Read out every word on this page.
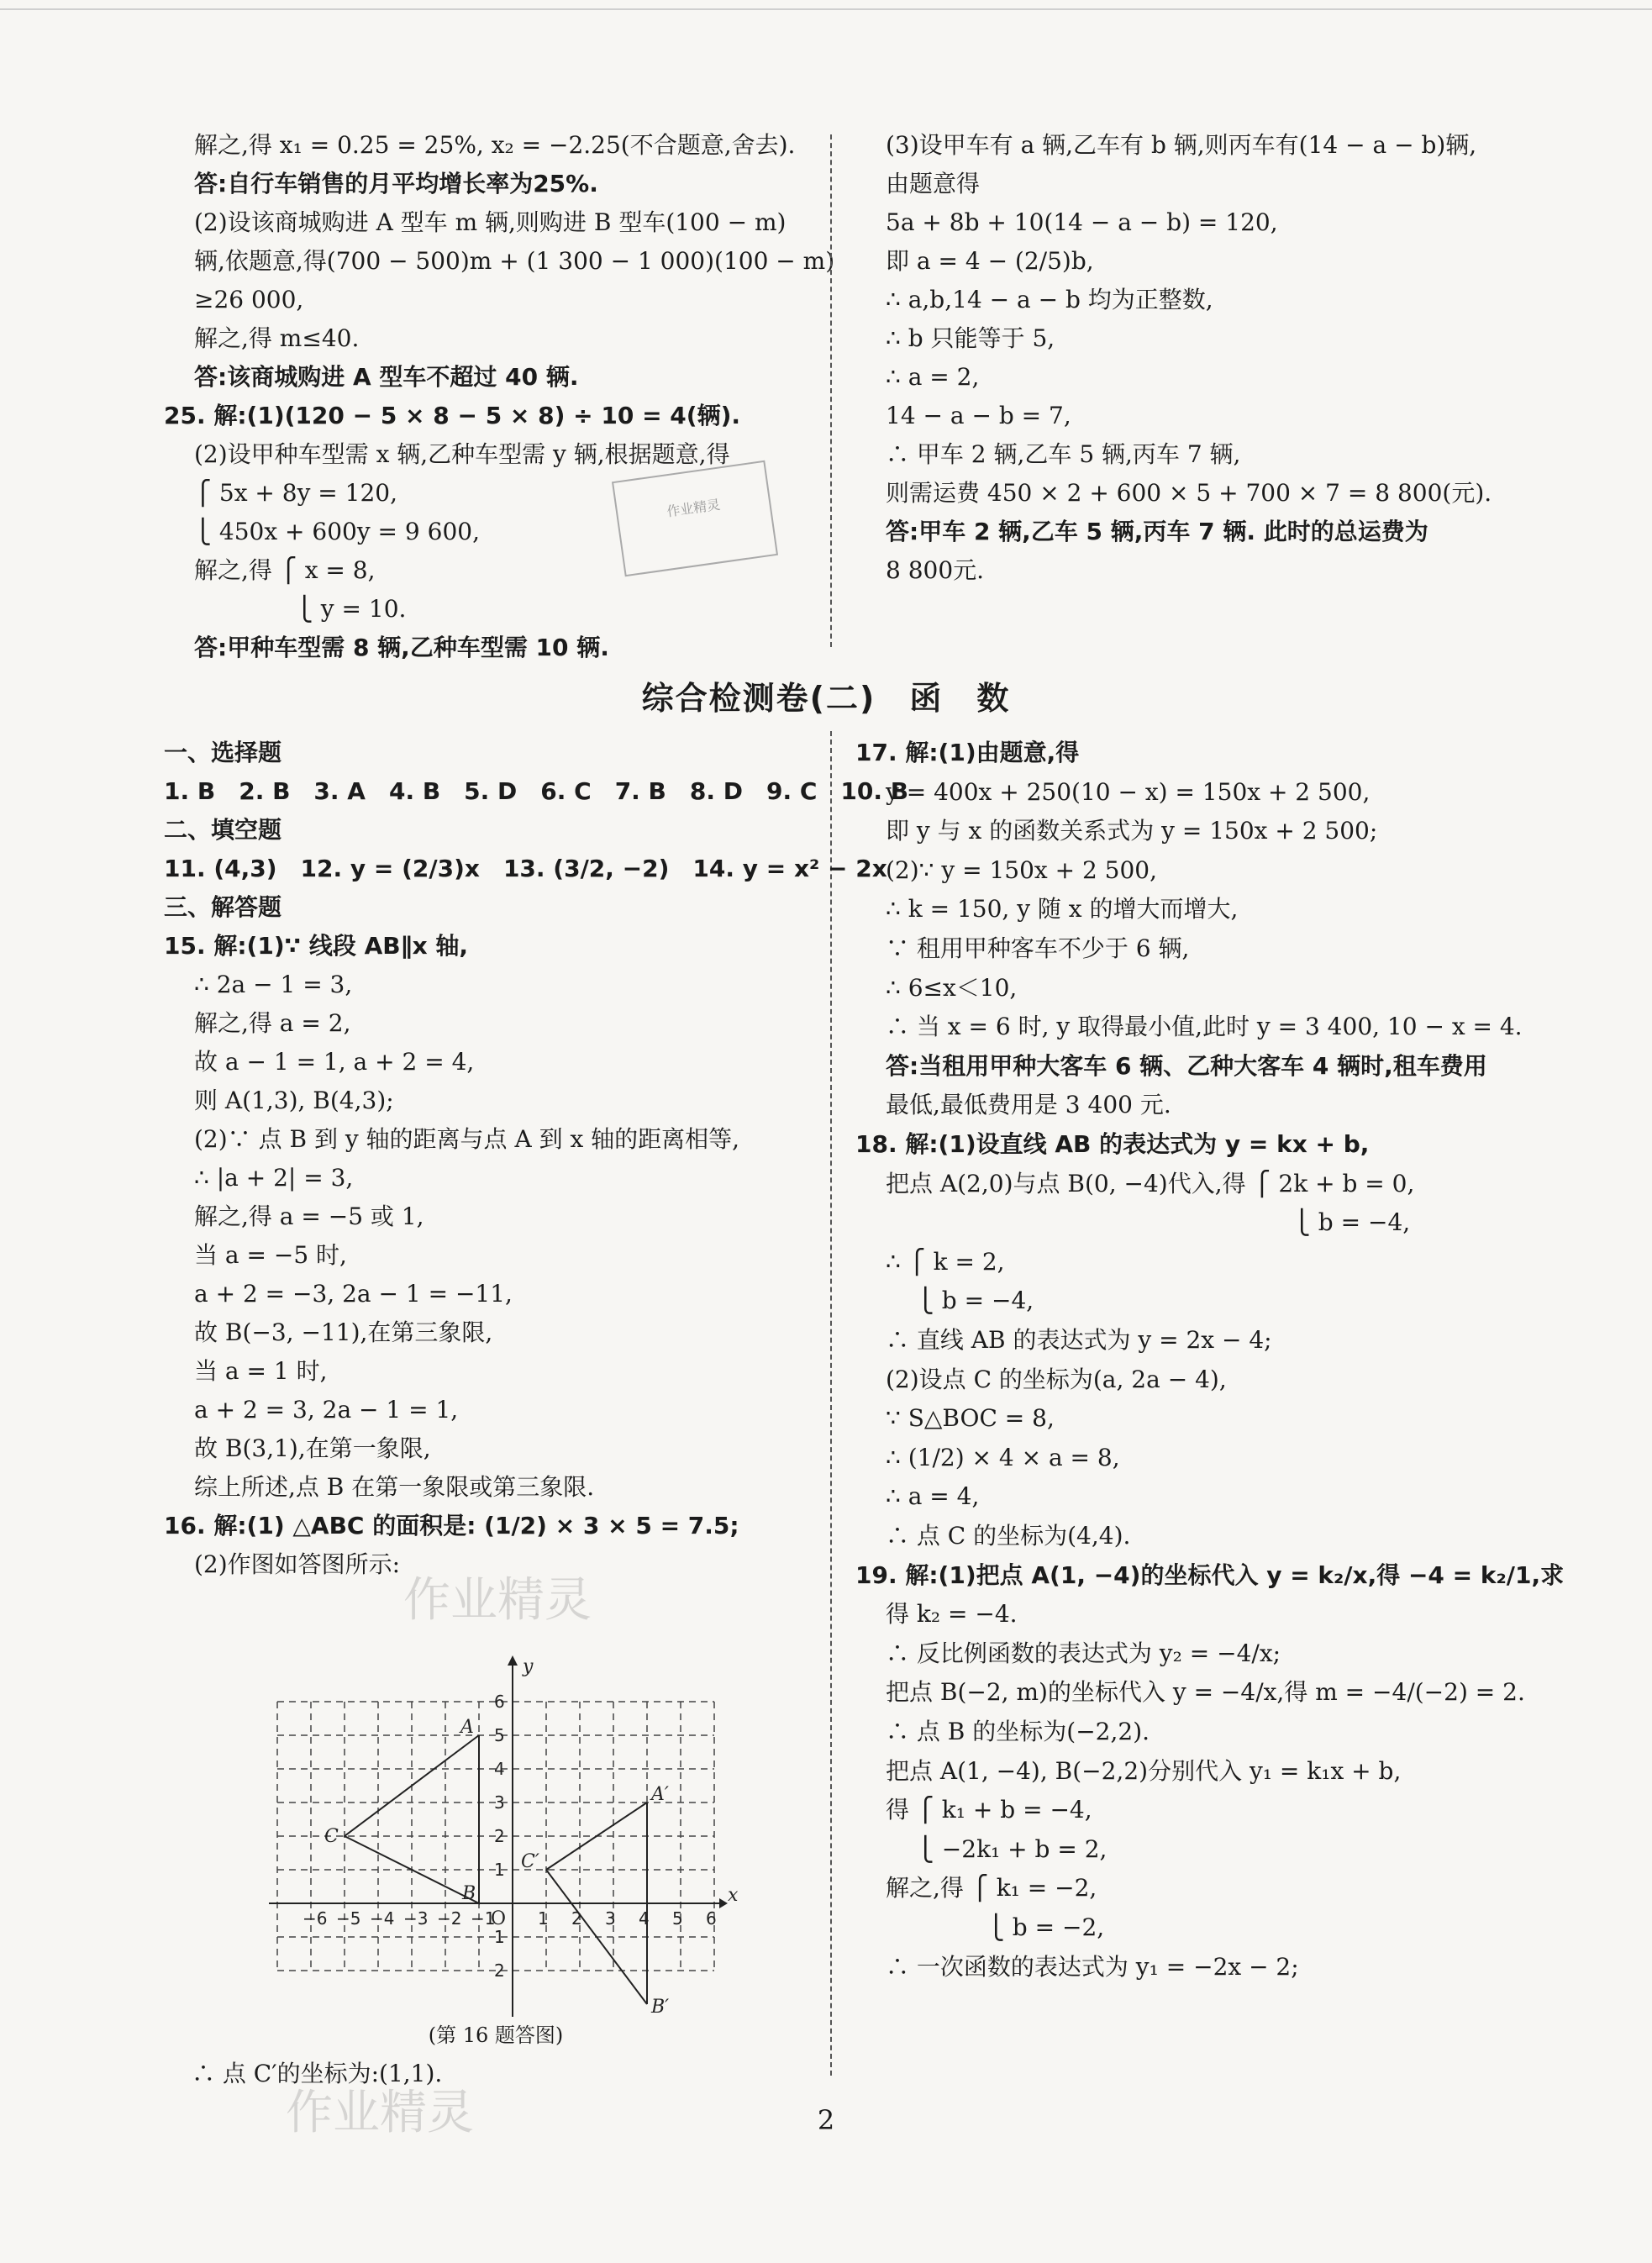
解之,得 x₁ = 0.25 = 25%, x₂ = −2.25(不合题意,舍去).
答:自行车销售的月平均增长率为25%.
(2)设该商城购进 A 型车 m 辆,则购进 B 型车(100 − m)
辆,依题意,得(700 − 500)m + (1 300 − 1 000)(100 − m)
≥26 000,
解之,得 m≤40.
答:该商城购进 A 型车不超过 40 辆.
25. 解:(1)(120 − 5 × 8 − 5 × 8) ÷ 10 = 4(辆).
(2)设甲种车型需 x 辆,乙种车型需 y 辆,根据题意,得
⎧ 5x + 8y = 120,
⎩ 450x + 600y = 9 600,
解之,得 ⎧ x = 8,
　　　　 ⎩ y = 10.
答:甲种车型需 8 辆,乙种车型需 10 辆.
(3)设甲车有 a 辆,乙车有 b 辆,则丙车有(14 − a − b)辆,
由题意得
5a + 8b + 10(14 − a − b) = 120,
即 a = 4 − (2/5)b,
∴ a,b,14 − a − b 均为正整数,
∴ b 只能等于 5,
∴ a = 2,
14 − a − b = 7,
∴ 甲车 2 辆,乙车 5 辆,丙车 7 辆,
则需运费 450 × 2 + 600 × 5 + 700 × 7 = 8 800(元).
答:甲车 2 辆,乙车 5 辆,丙车 7 辆. 此时的总运费为
8 800元.
作业精灵
综合检测卷(二)　函　数
一、选择题
1. B　2. B　3. A　4. B　5. D　6. C　7. B　8. D　9. C　10. B
二、填空题
11. (4,3)　12. y = (2/3)x　13. (3/2, −2)　14. y = x² − 2x
三、解答题
15. 解:(1)∵ 线段 AB∥x 轴,
∴ 2a − 1 = 3,
解之,得 a = 2,
故 a − 1 = 1, a + 2 = 4,
则 A(1,3), B(4,3);
(2)∵ 点 B 到 y 轴的距离与点 A 到 x 轴的距离相等,
∴ |a + 2| = 3,
解之,得 a = −5 或 1,
当 a = −5 时,
a + 2 = −3, 2a − 1 = −11,
故 B(−3, −11),在第三象限,
当 a = 1 时,
a + 2 = 3, 2a − 1 = 1,
故 B(3,1),在第一象限,
综上所述,点 B 在第一象限或第三象限.
16. 解:(1) △ABC 的面积是: (1/2) × 3 × 5 = 7.5;
(2)作图如答图所示:
17. 解:(1)由题意,得
y = 400x + 250(10 − x) = 150x + 2 500,
即 y 与 x 的函数关系式为 y = 150x + 2 500;
(2)∵ y = 150x + 2 500,
∴ k = 150, y 随 x 的增大而增大,
∵ 租用甲种客车不少于 6 辆,
∴ 6≤x＜10,
∴ 当 x = 6 时, y 取得最小值,此时 y = 3 400, 10 − x = 4.
答:当租用甲种大客车 6 辆、乙种大客车 4 辆时,租车费用
最低,最低费用是 3 400 元.
18. 解:(1)设直线 AB 的表达式为 y = kx + b,
把点 A(2,0)与点 B(0, −4)代入,得 ⎧ 2k + b = 0,
　　　　　　　　　　　　　　　　　 ⎩ b = −4,
∴ ⎧ k = 2,
　 ⎩ b = −4,
∴ 直线 AB 的表达式为 y = 2x − 4;
(2)设点 C 的坐标为(a, 2a − 4),
∵ S△BOC = 8,
∴ (1/2) × 4 × a = 8,
∴ a = 4,
∴ 点 C 的坐标为(4,4).
19. 解:(1)把点 A(1, −4)的坐标代入 y = k₂/x,得 −4 = k₂/1,求
得 k₂ = −4.
∴ 反比例函数的表达式为 y₂ = −4/x;
把点 B(−2, m)的坐标代入 y = −4/x,得 m = −4/(−2) = 2.
∴ 点 B 的坐标为(−2,2).
把点 A(1, −4), B(−2,2)分别代入 y₁ = k₁x + b,
得 ⎧ k₁ + b = −4,
　 ⎩ −2k₁ + b = 2,
解之,得 ⎧ k₁ = −2,
　　　　 ⎩ b = −2,
∴ 一次函数的表达式为 y₁ = −2x − 2;
y
x
A
B
C
A′
B′
C′
O
−6 −5 −4 −3 −2 −1	1 2 3 4 5 6
6
5
4
3
2
1
1
2
(第 16 题答图)
∴ 点 C′的坐标为:(1,1).
作业精灵
作业精灵	2
